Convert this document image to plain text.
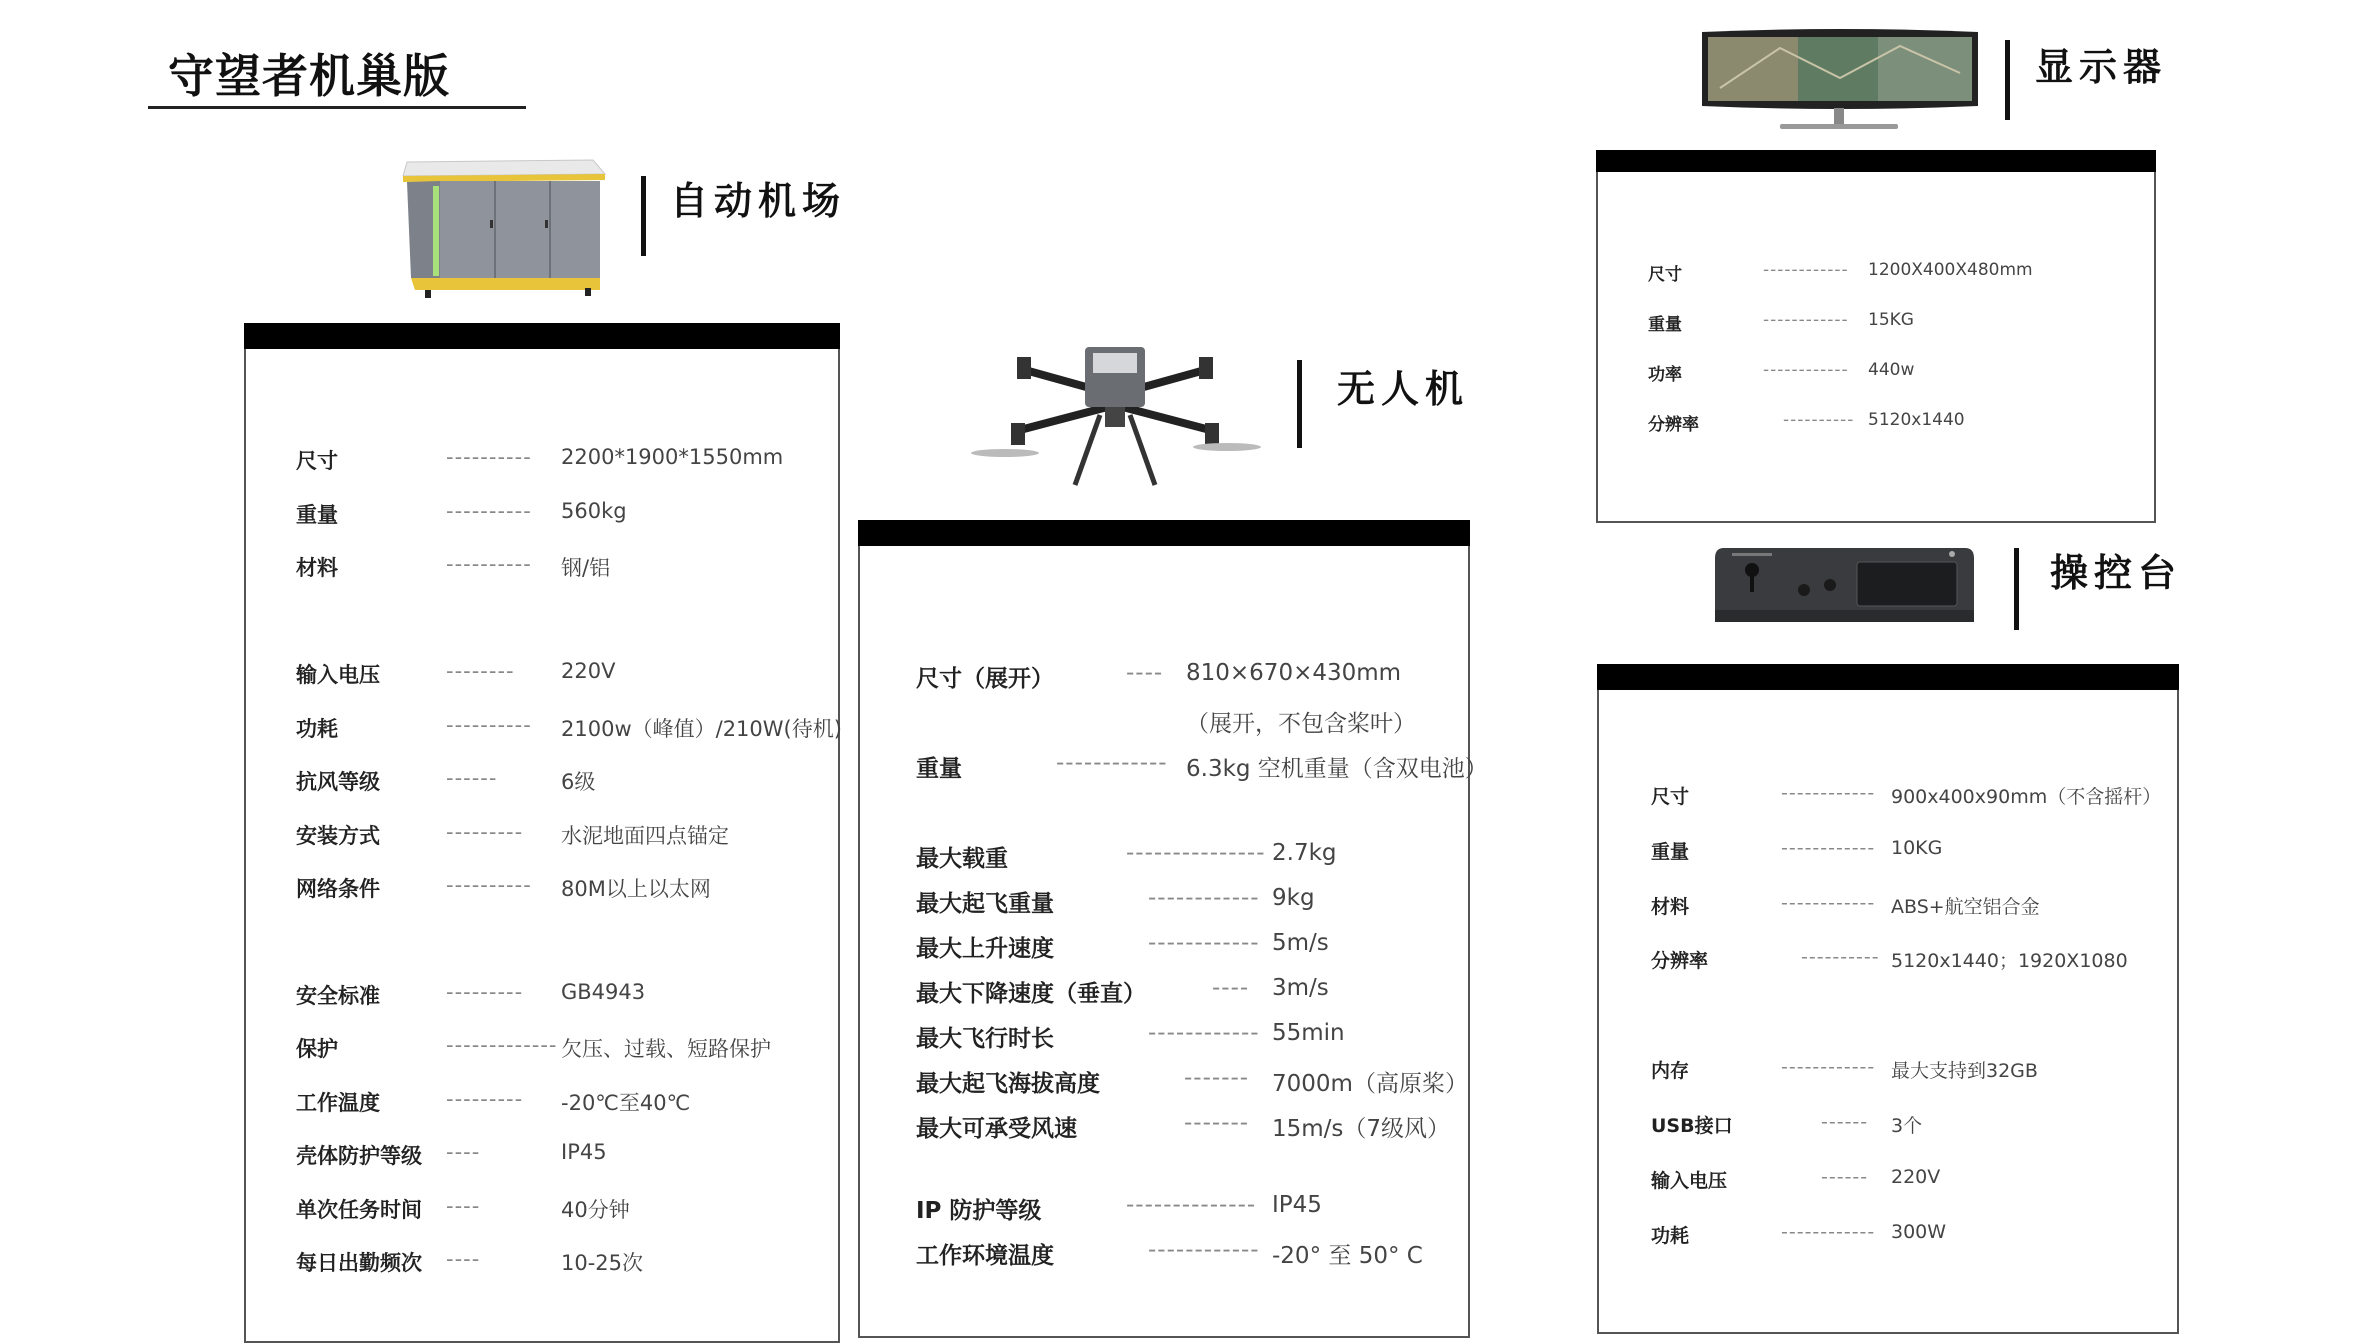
守望者机巢版
自动机场
尺寸	---------- 2200*1900*1550mm
重量	---------- 560kg
材料	---------- 钢/铝
输入电压	-------- 220V
功耗	---------- 2100w（峰值）/210W(待机)
抗风等级	------	6级
安装方式	--------- 水泥地面四点锚定
网络条件	---------- 80M以上以太网
安全标准	--------- GB4943
保护	------------- 欠压、过载、短路保护
工作温度	--------- -20℃至40℃
壳体防护等级 ----	IP45
单次任务时间 ----	40分钟
每日出勤频次 ----	10-25次
无人机
尺寸（展开）	---- 810×670×430mm
（展开，不包含桨叶）
重量	------------ 6.3kg 空机重量（含双电池）
最大载重	--------------- 2.7kg
最大起飞重量	------------ 9kg
最大上升速度	------------ 5m/s
最大下降速度（垂直）	---- 3m/s
最大飞行时长	------------ 55min
最大起飞海拔高度	------- 7000m（高原桨）
最大可承受风速	------- 15m/s（7级风）
IP 防护等级	-------------- IP45
工作环境温度	------------ -20° 至 50° C
显示器
尺寸	------------ 1200X400X480mm
重量	------------ 15KG
功率	------------ 440w
分辨率	---------- 5120x1440
操控台
尺寸	------------ 900x400x90mm（不含摇杆）
重量	------------ 10KG
材料	------------ ABS+航空铝合金
分辨率	---------- 5120x1440；1920X1080
内存	------------ 最大支持到32GB
USB接口	------ 3个
输入电压	------ 220V
功耗	------------ 300W
